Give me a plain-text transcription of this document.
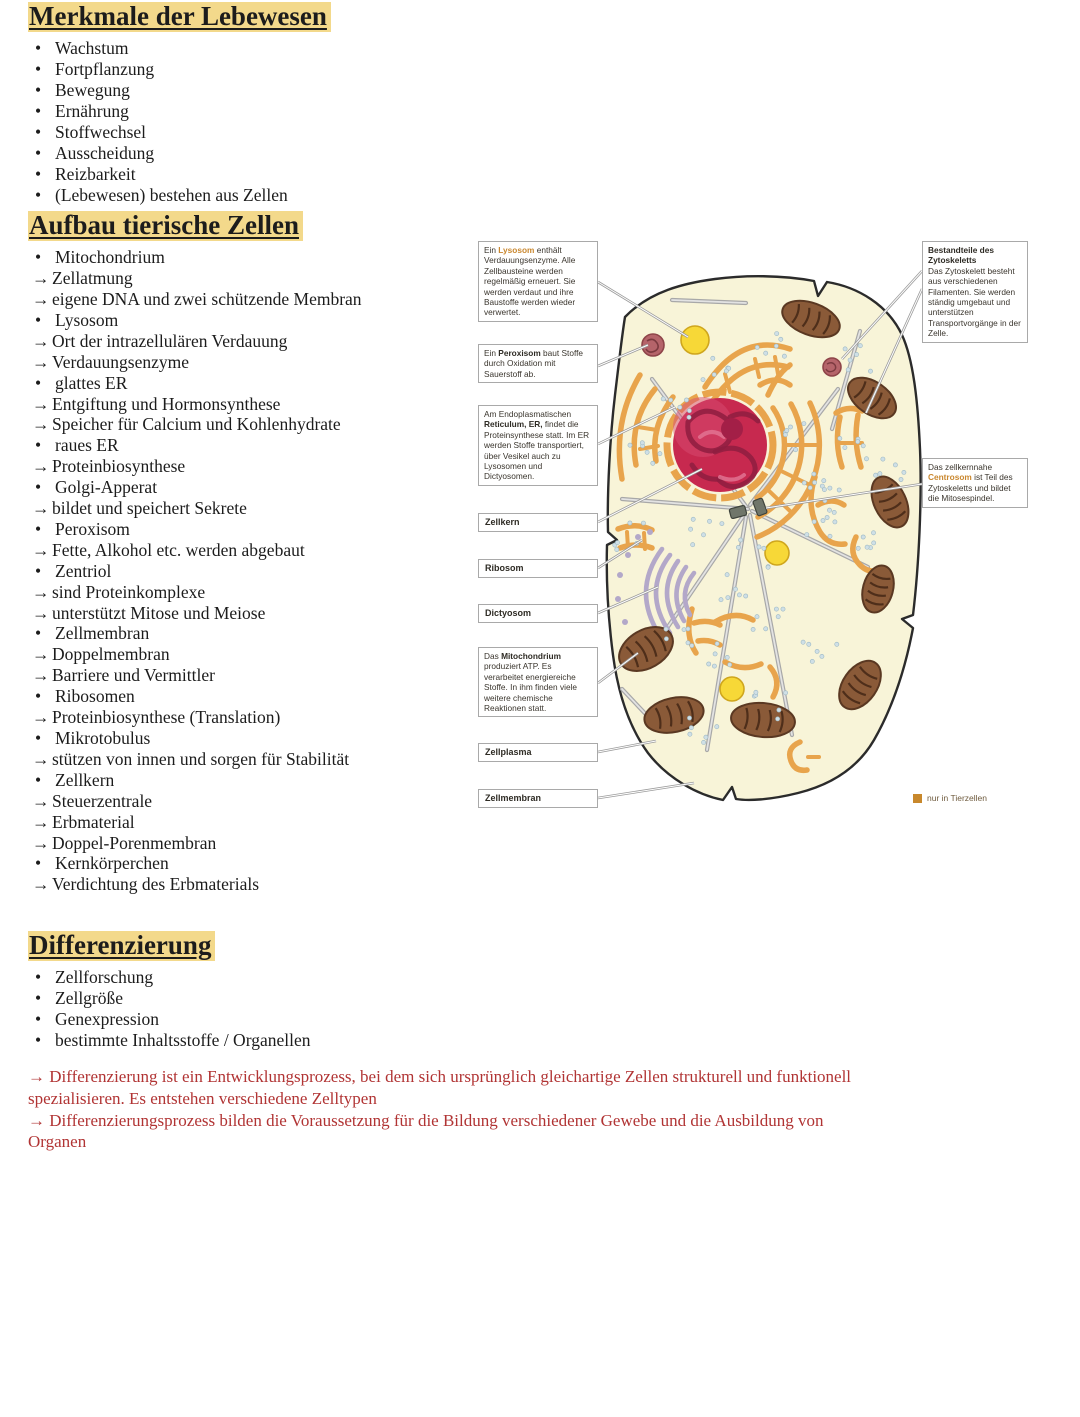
Merkmale der Lebewesen
• Wachstum
• Fortpflanzung
• Bewegung
• Ernährung
• Stoffwechsel
• Ausscheidung
• Reizbarkeit
• (Lebewesen) bestehen aus Zellen
Aufbau tierische Zellen
• Mitochondrium
→ Zellatmung
→ eigene DNA und zwei schützende Membran
• Lysosom
→ Ort der intrazellulären Verdauung
→ Verdauungsenzyme
• glattes ER
→ Entgiftung und Hormonsynthese
→ Speicher für Calcium und Kohlenhydrate
• raues ER
→ Proteinbiosynthese
• Golgi-Apperat
→ bildet und speichert Sekrete
• Peroxisom
→ Fette, Alkohol etc. werden abgebaut
• Zentriol
→ sind Proteinkomplexe
→ unterstützt Mitose und Meiose
• Zellmembran
→ Doppelmembran
→ Barriere und Vermittler
• Ribosomen
→ Proteinbiosynthese (Translation)
• Mikrotobulus
→ stützen von innen und sorgen für Stabilität
• Zellkern
→ Steuerzentrale
→ Erbmaterial
→ Doppel-Porenmembran
• Kernkörperchen
→ Verdichtung des Erbmaterials
Differenzierung
• Zellforschung
• Zellgröße
• Genexpression
• bestimmte Inhaltsstoffe / Organellen
→ Differenzierung ist ein Entwicklungsprozess, bei dem sich ursprünglich gleichartige Zellen strukturell und funktionell
spezialisieren. Es entstehen verschiedene Zelltypen
→ Differenzierungsprozess bilden die Voraussetzung für die Bildung verschiedener Gewebe und die Ausbildung von
Organen
Ein Lysosom enthält Verdauungsenzyme. Alle Zellbausteine werden regelmäßig erneuert. Sie werden verdaut und ihre Baustoffe werden wieder verwertet.
Ein Peroxisom baut Stoffe durch Oxidation mit Sauerstoff ab.
Am Endoplasmatischen Reticulum, ER, findet die Proteinsynthese statt. Im ER werden Stoffe transportiert, über Vesikel auch zu Lysosomen und Dictyosomen.
Zellkern
Ribosom
Dictyosom
Das Mitochondrium produziert ATP. Es verarbeitet energiereiche Stoffe. In ihm finden viele weitere chemische Reaktionen statt.
Zellplasma
Zellmembran
Bestandteile des Zytoskeletts
Das Zytoskelett besteht aus verschiedenen Filamenten. Sie werden ständig umgebaut und unterstützen Transportvorgänge in der Zelle.
Das zellkernnahe Centrosom ist Teil des Zytoskeletts und bildet die Mitosespindel.
nur in Tierzellen
